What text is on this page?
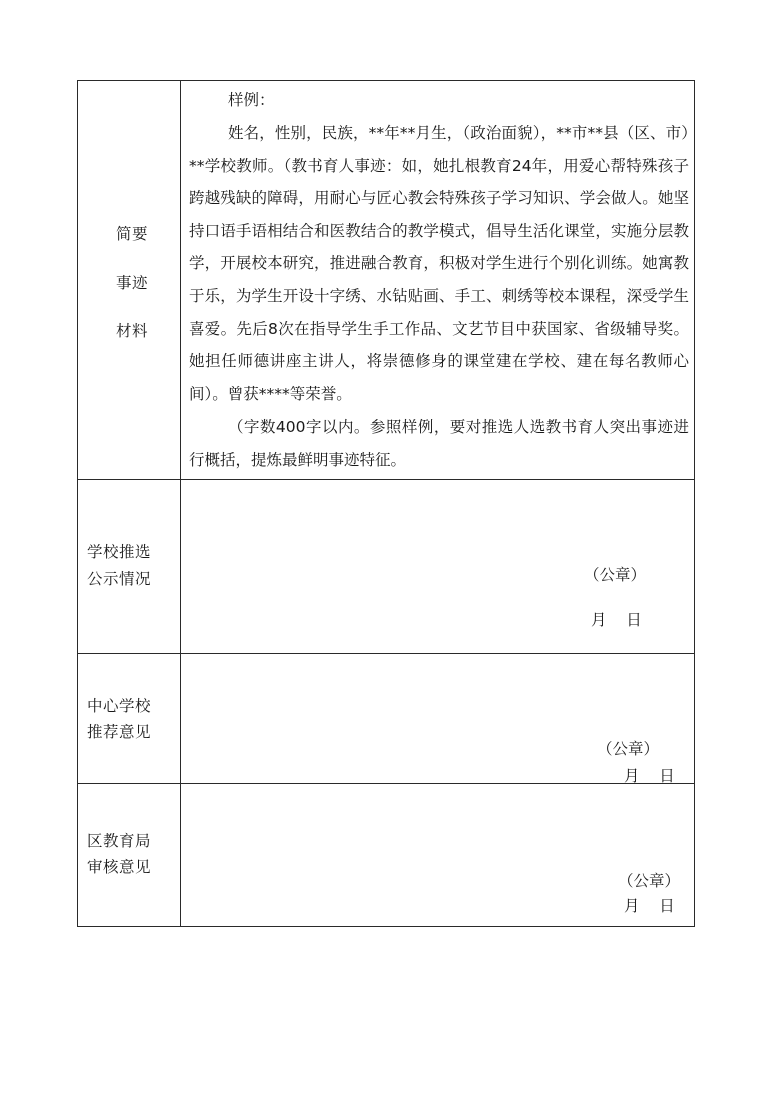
简要
事迹
材料
样例：
姓名，性别，民族，**年**月生，（政治面貌），**市**县（区、市）**学校教师。（教书育人事迹：如，她扎根教育24年，用爱心帮特殊孩子跨越残缺的障碍，用耐心与匠心教会特殊孩子学习知识、学会做人。她坚持口语手语相结合和医教结合的教学模式，倡导生活化课堂，实施分层教学，开展校本研究，推进融合教育，积极对学生进行个别化训练。她寓教于乐，为学生开设十字绣、水钻贴画、手工、刺绣等校本课程，深受学生喜爱。先后8次在指导学生手工作品、文艺节目中获国家、省级辅导奖。她担任师德讲座主讲人，将崇德修身的课堂建在学校、建在每名教师心间）。曾获****等荣誉。
（字数400字以内。参照样例，要对推选人选教书育人突出事迹进行概括，提炼最鲜明事迹特征。
学校推选
公示情况	（公章）
月    日
中心学校
推荐意见
（公章）
月    日
区教育局
审核意见
（公章）
月    日
